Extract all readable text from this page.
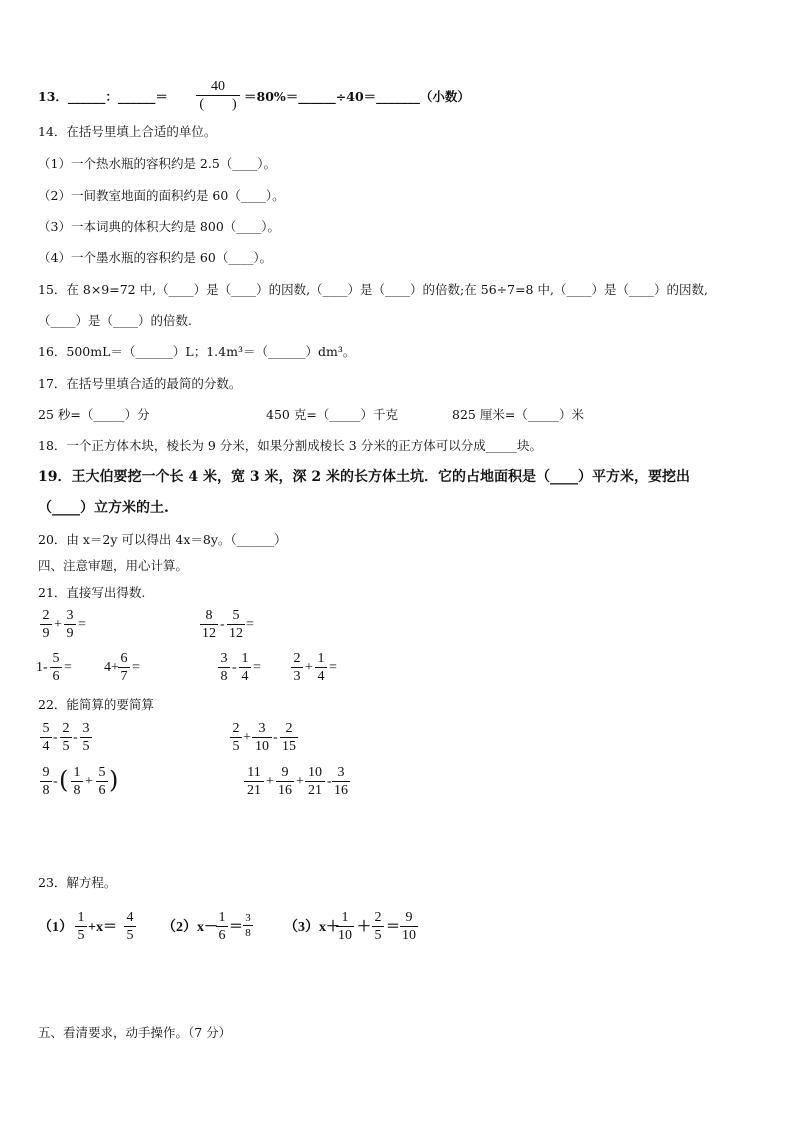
13．______：______＝
40
(　　)
＝80%＝______÷40＝_______（小数）
14．在括号里填上合适的单位。
（1）一个热水瓶的容积约是 2.5（____）。
（2）一间教室地面的面积约是 60（____）。
（3）一本词典的体积大约是 800（____）。
（4）一个墨水瓶的容积约是 60（____）。
15．在 8×9=72 中,（____）是（____）的因数,（____）是（____）的倍数;在 56÷7=8 中,（____）是（____）的因数,
（____）是（____）的倍数.
16．500mL＝（______）L；1.4m³＝（______）dm³。
17．在括号里填合适的最简的分数。
25 秒=（_____）分	450 克=（_____）千克	825 厘米=（_____）米
18．一个正方体木块，棱长为 9 分米，如果分割成棱长 3 分米的正方体可以分成_____块。
19．王大伯要挖一个长 4 米，宽 3 米，深 2 米的长方体土坑．它的占地面积是（____）平方米，要挖出
（____）立方米的土.
20．由 x＝2y 可以得出 4x＝8y。（______）
四、注意审题，用心计算。
21．直接写出得数.
2
9
+
3
9
=
8
12
-
5
12
=
1-
5
6
= 4+
6
7
=
3
8
-
1
4
=
2
3
+
1
4
=
22．能简算的要简算
5
4
-
2
5
-
3
5
2
5
+
3
10
-
2
15
9
8
- ( 1
8
+
5
6 )	11
21
+
9
16
+
10
21
-
3
16
23．解方程。
（1）
1
5
+x＝
4
5
（2）x－
1
6
＝
3
8 （3）x＋
1
10
＋
2
5
＝
9
10
五、看清要求，动手操作。（7 分）
